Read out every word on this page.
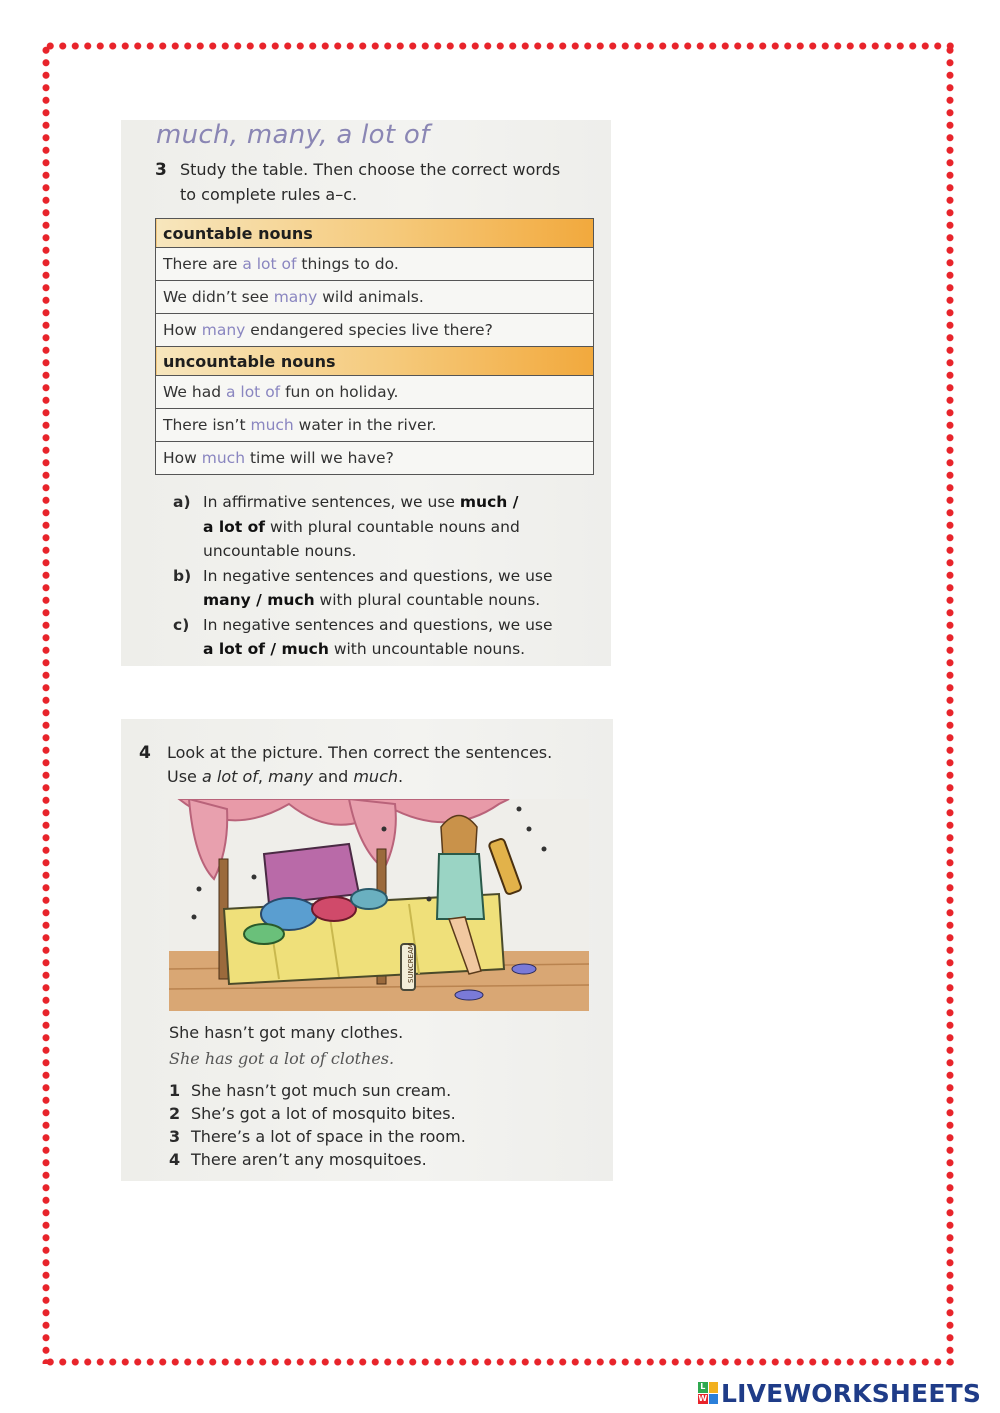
much, many, a lot of
3 Study the table. Then choose the correct words
to complete rules a–c.
countable nouns
There are a lot of things to do.
We didn’t see many wild animals.
How many endangered species live there?
uncountable nouns
We had a lot of fun on holiday.
There isn’t much water in the river.
How much time will we have?
a) In affirmative sentences, we use much /
a lot of with plural countable nouns and
uncountable nouns.
b) In negative sentences and questions, we use
many / much with plural countable nouns.
c) In negative sentences and questions, we use
a lot of / much with uncountable nouns.
4 Look at the picture. Then correct the sentences.
Use a lot of, many and much.
SUNCREAM
She hasn’t got many clothes.
She has got a lot of clothes.
1 She hasn’t got much sun cream.
2 She’s got a lot of mosquito bites.
3 There’s a lot of space in the room.
4 There aren’t any mosquitoes.
L
W LIVEWORKSHEETS
